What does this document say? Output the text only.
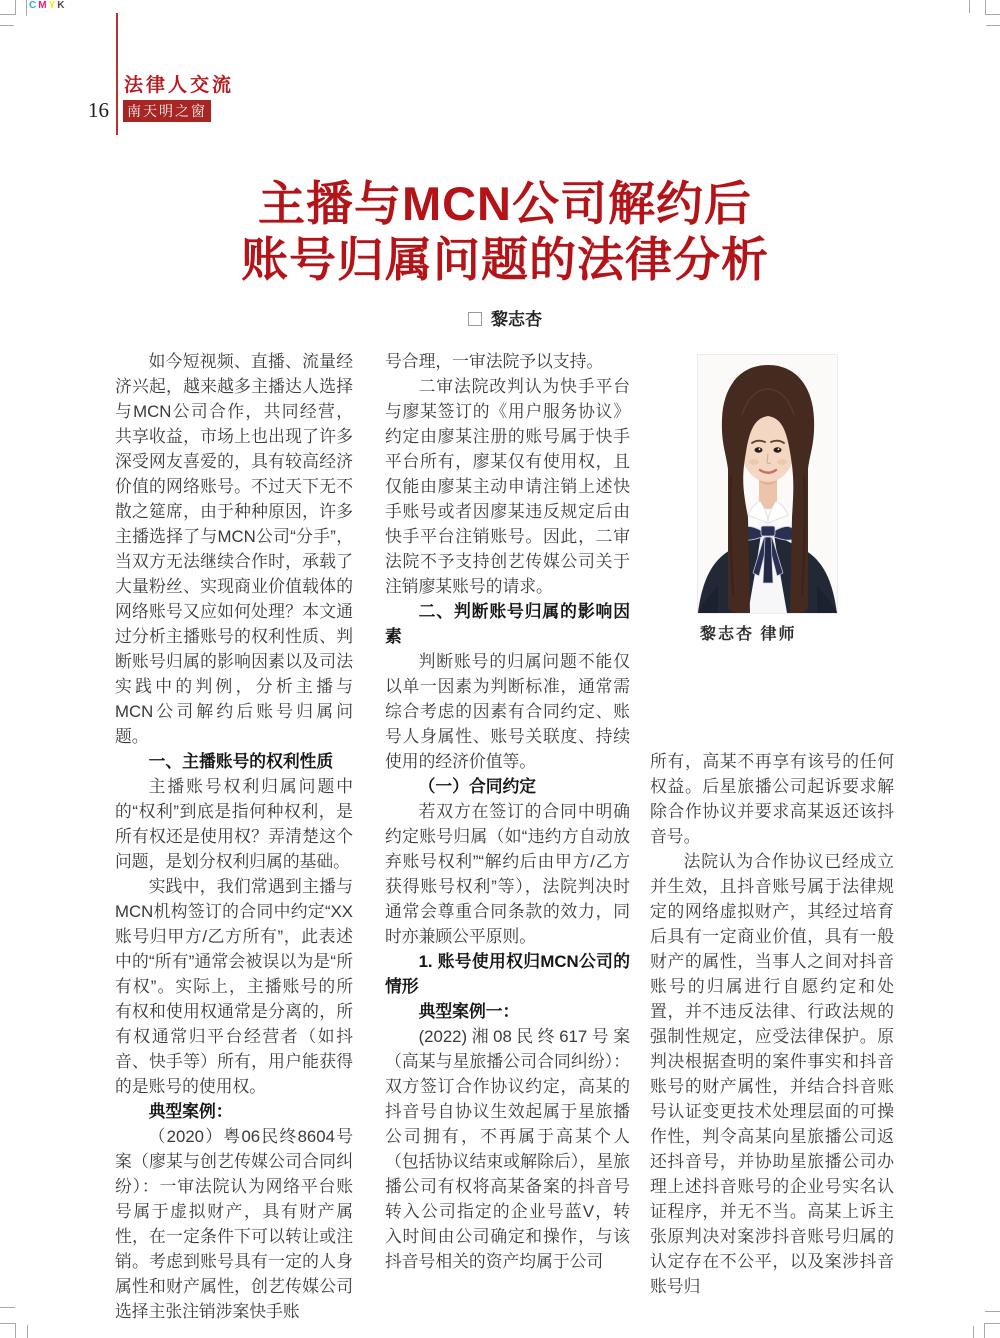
CMYK
法律人交流
16 南天明之窗
主播与MCN公司解约后
账号归属问题的法律分析
黎志杏

如今短视频、直播、流量经济兴起，越来越多主播达人选择与MCN公司合作，共同经营，共享收益，市场上也出现了许多深受网友喜爱的，具有较高经济价值的网络账号。不过天下无不散之筵席，由于种种原因，许多主播选择了与MCN公司“分手”，当双方无法继续合作时，承载了大量粉丝、实现商业价值载体的网络账号又应如何处理？本文通过分析主播账号的权利性质、判断账号归属的影响因素以及司法实践中的判例，分析主播与MCN公司解约后账号归属问题。

一、主播账号的权利性质

主播账号权利归属问题中的“权利”到底是指何种权利，是所有权还是使用权？弄清楚这个问题，是划分权利归属的基础。

实践中，我们常遇到主播与MCN机构签订的合同中约定“XX账号归甲方/乙方所有”，此表述中的“所有”通常会被误以为是“所有权”。实际上，主播账号的所有权和使用权通常是分离的，所有权通常归平台经营者（如抖音、快手等）所有，用户能获得的是账号的使用权。

典型案例：

（2020）粤06民终8604号案（廖某与创艺传媒公司合同纠纷）：一审法院认为网络平台账号属于虚拟财产，具有财产属性，在一定条件下可以转让或注销。考虑到账号具有一定的人身属性和财产属性，创艺传媒公司选择主张注销涉案快手账

号合理，一审法院予以支持。

二审法院改判认为快手平台与廖某签订的《用户服务协议》约定由廖某注册的账号属于快手平台所有，廖某仅有使用权，且仅能由廖某主动申请注销上述快手账号或者因廖某违反规定后由快手平台注销账号。因此，二审法院不予支持创艺传媒公司关于注销廖某账号的请求。

二、判断账号归属的影响因素

判断账号的归属问题不能仅以单一因素为判断标准，通常需综合考虑的因素有合同约定、账号人身属性、账号关联度、持续使用的经济价值等。

（一）合同约定

若双方在签订的合同中明确约定账号归属（如“违约方自动放弃账号权利”“解约后由甲方/乙方获得账号权利”等），法院判决时通常会尊重合同条款的效力，同时亦兼顾公平原则。

1. 账号使用权归MCN公司的情形

典型案例一：

(2022)湘08民终617号案（高某与星旅播公司合同纠纷）：双方签订合作协议约定，高某的抖音号自协议生效起属于星旅播公司拥有，不再属于高某个人（包括协议结束或解除后），星旅播公司有权将高某备案的抖音号转入公司指定的企业号蓝V，转入时间由公司确定和操作，与该抖音号相关的资产均属于公司

所有，高某不再享有该号的任何权益。后星旅播公司起诉要求解除合作协议并要求高某返还该抖音号。

法院认为合作协议已经成立并生效，且抖音账号属于法律规定的网络虚拟财产，其经过培育后具有一定商业价值，具有一般财产的属性，当事人之间对抖音账号的归属进行自愿约定和处置，并不违反法律、行政法规的强制性规定，应受法律保护。原判决根据查明的案件事实和抖音账号的财产属性，并结合抖音账号认证变更技术处理层面的可操作性，判令高某向星旅播公司返还抖音号，并协助星旅播公司办理上述抖音账号的企业号实名认证程序，并无不当。高某上诉主张原判决对案涉抖音账号归属的认定存在不公平，以及案涉抖音账号归

黎志杏 律师
